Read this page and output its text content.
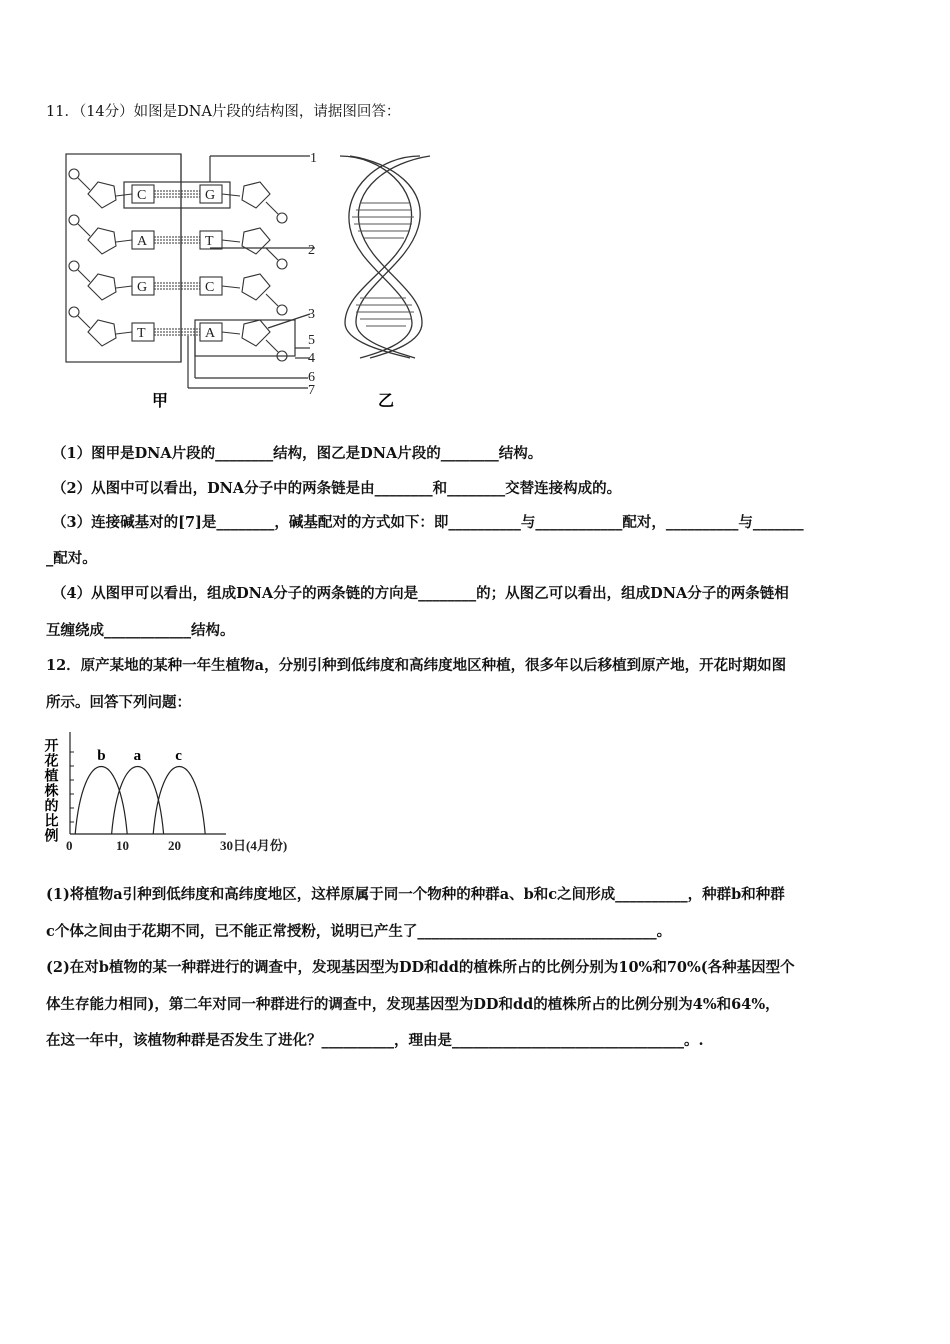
11．（14分）如图是DNA片段的结构图，请据图回答：
1
2
3
4
5
6
7
甲	乙
C	G
A	T
G	C
T	A
（1）图甲是DNA片段的________结构，图乙是DNA片段的________结构。
（2）从图中可以看出，DNA分子中的两条链是由________和________交替连接构成的。
（3）连接碱基对的[7]是________，碱基配对的方式如下：即__________与____________配对，__________与_______
_配对。
（4）从图甲可以看出，组成DNA分子的两条链的方向是________的；从图乙可以看出，组成DNA分子的两条链相
互缠绕成____________结构。
12．原产某地的某种一年生植物a，分别引种到低纬度和高纬度地区种植，很多年以后移植到原产地，开花时期如图
所示。回答下列问题：
开花植株的比例	b a c
0	10	20	30日(4月份)
(1)将植物a引种到低纬度和高纬度地区，这样原属于同一个物种的种群a、b和c之间形成__________，种群b和种群
c个体之间由于花期不同，已不能正常授粉，说明已产生了_________________________________。
(2)在对b植物的某一种群进行的调查中，发现基因型为DD和dd的植株所占的比例分别为10%和70%(各种基因型个
体生存能力相同)，第二年对同一种群进行的调查中，发现基因型为DD和dd的植株所占的比例分别为4%和64%，
在这一年中，该植物种群是否发生了进化？__________，理由是________________________________。.
